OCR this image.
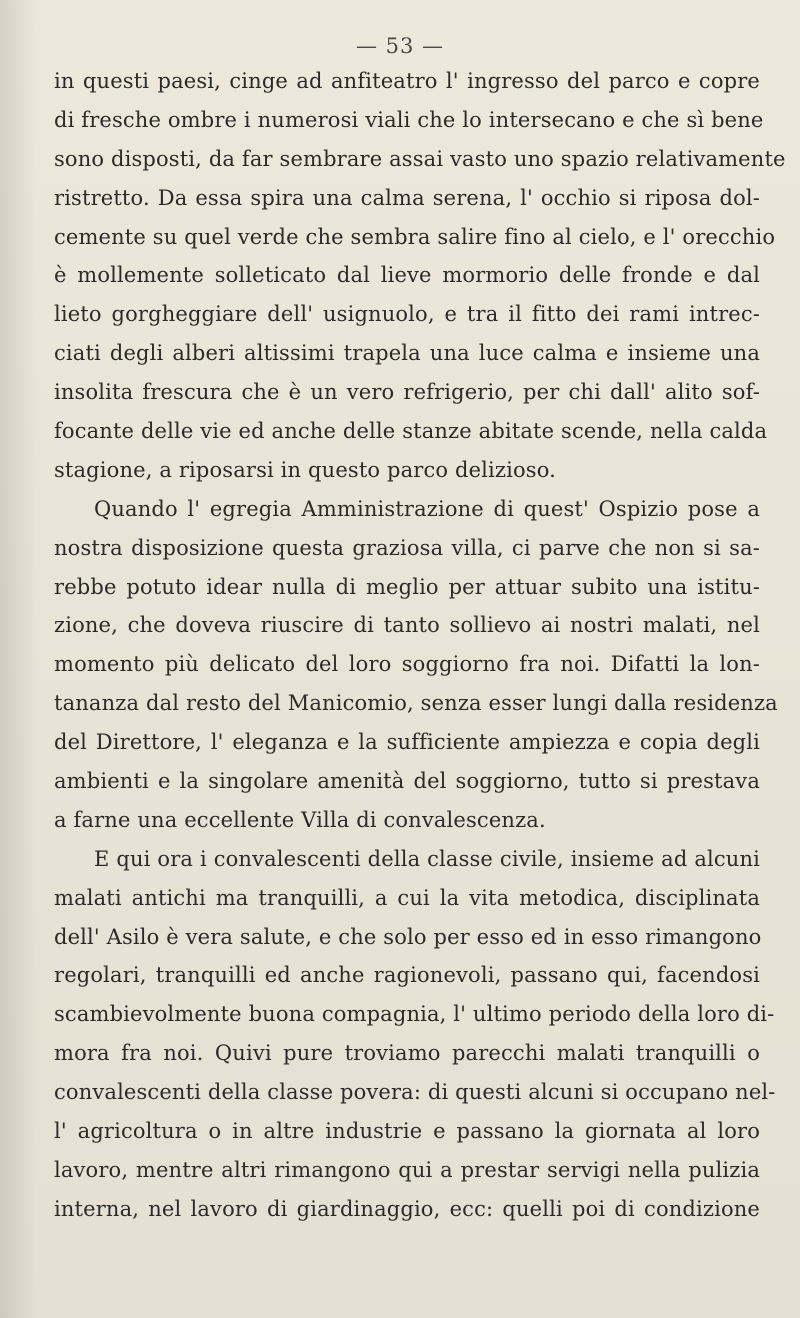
— 53 —
in questi paesi, cinge ad anfiteatro l' ingresso del parco e copre
di fresche ombre i numerosi viali che lo intersecano e che sì bene
sono disposti, da far sembrare assai vasto uno spazio relativamente
ristretto. Da essa spira una calma serena, l' occhio si riposa dol-
cemente su quel verde che sembra salire fino al cielo, e l' orecchio
è mollemente solleticato dal lieve mormorio delle fronde e dal
lieto gorgheggiare dell' usignuolo, e tra il fitto dei rami intrec-
ciati degli alberi altissimi trapela una luce calma e insieme una
insolita frescura che è un vero refrigerio, per chi dall' alito sof-
focante delle vie ed anche delle stanze abitate scende, nella calda
stagione, a riposarsi in questo parco delizioso.
Quando l' egregia Amministrazione di quest' Ospizio pose a
nostra disposizione questa graziosa villa, ci parve che non si sa-
rebbe potuto idear nulla di meglio per attuar subito una istitu-
zione, che doveva riuscire di tanto sollievo ai nostri malati, nel
momento più delicato del loro soggiorno fra noi. Difatti la lon-
tananza dal resto del Manicomio, senza esser lungi dalla residenza
del Direttore, l' eleganza e la sufficiente ampiezza e copia degli
ambienti e la singolare amenità del soggiorno, tutto si prestava
a farne una eccellente Villa di convalescenza.
E qui ora i convalescenti della classe civile, insieme ad alcuni
malati antichi ma tranquilli, a cui la vita metodica, disciplinata
dell' Asilo è vera salute, e che solo per esso ed in esso rimangono
regolari, tranquilli ed anche ragionevoli, passano qui, facendosi
scambievolmente buona compagnia, l' ultimo periodo della loro di-
mora fra noi. Quivi pure troviamo parecchi malati tranquilli o
convalescenti della classe povera: di questi alcuni si occupano nel-
l' agricoltura o in altre industrie e passano la giornata al loro
lavoro, mentre altri rimangono qui a prestar servigi nella pulizia
interna, nel lavoro di giardinaggio, ecc: quelli poi di condizione
